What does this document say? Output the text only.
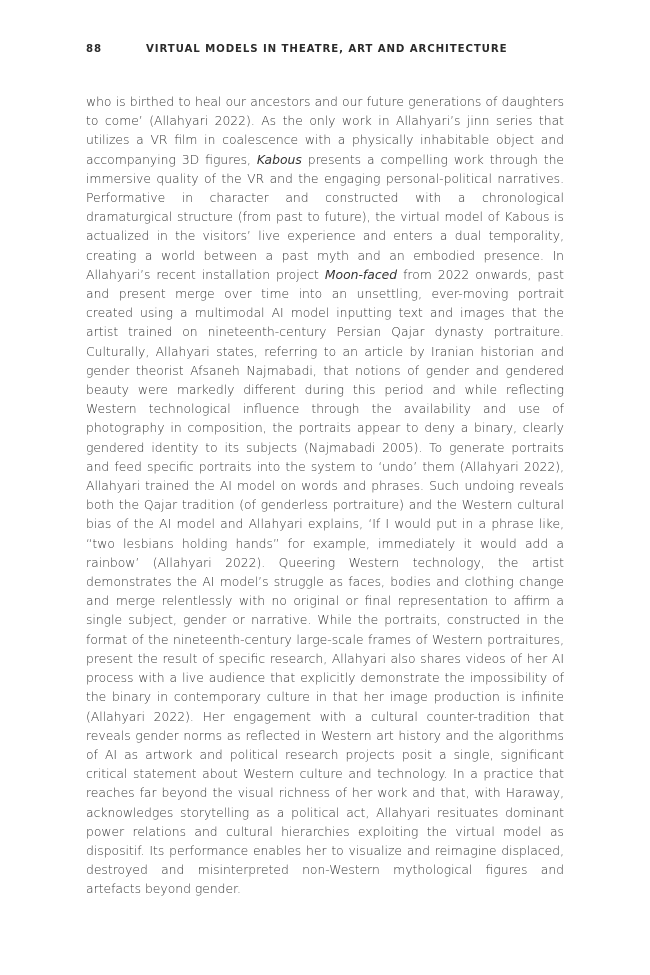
88	VIRTUAL MODELS IN THEATRE, ART AND ARCHITECTURE

who is birthed to heal our ancestors and our future generations of daughters to come’ (Allahyari 2022). As the only work in Allahyari’s jinn series that utilizes a VR film in coalescence with a physically inhabitable object and accompanying 3D figures, Kabous presents a compelling work through the immersive quality of the VR and the engaging personal-political narratives. Performative in character and constructed with a chronological dramaturgical structure (from past to future), the virtual model of Kabous is actualized in the visitors’ live experience and enters a dual temporality, creating a world between a past myth and an embodied presence. In Allahyari’s recent installation project Moon-faced from 2022 onwards, past and present merge over time into an unsettling, ever-moving portrait created using a multimodal AI model inputting text and images that the artist trained on nineteenth-century Persian Qajar dynasty portraiture. Culturally, Allahyari states, referring to an article by Iranian historian and gender theorist Afsaneh Najmabadi, that notions of gender and gendered beauty were markedly different during this period and while reflecting Western technological influence through the availability and use of photography in composition, the portraits appear to deny a binary, clearly gendered identity to its subjects (Najmabadi 2005). To generate portraits and feed specific portraits into the system to ‘undo’ them (Allahyari 2022), Allahyari trained the AI model on words and phrases. Such undoing reveals both the Qajar tradition (of genderless portraiture) and the Western cultural bias of the AI model and Allahyari explains, ‘If I would put in a phrase like, “two lesbians holding hands” for example, immediately it would add a rainbow’ (Allahyari 2022). Queering Western technology, the artist demonstrates the AI model’s struggle as faces, bodies and clothing change and merge relentlessly with no original or final representation to affirm a single subject, gender or narrative. While the portraits, constructed in the format of the nineteenth-century large-scale frames of Western portraitures, present the result of specific research, Allahyari also shares videos of her AI process with a live audience that explicitly demonstrate the impossibility of the binary in contemporary culture in that her image production is infinite (Allahyari 2022). Her engagement with a cultural counter-tradition that reveals gender norms as reflected in Western art history and the algorithms of AI as artwork and political research projects posit a single, significant critical statement about Western culture and technology. In a practice that reaches far beyond the visual richness of her work and that, with Haraway, acknowledges storytelling as a political act, Allahyari resituates dominant power relations and cultural hierarchies exploiting the virtual model as dispositif. Its performance enables her to visualize and reimagine displaced, destroyed and misinterpreted non-Western mythological figures and artefacts beyond gender.
